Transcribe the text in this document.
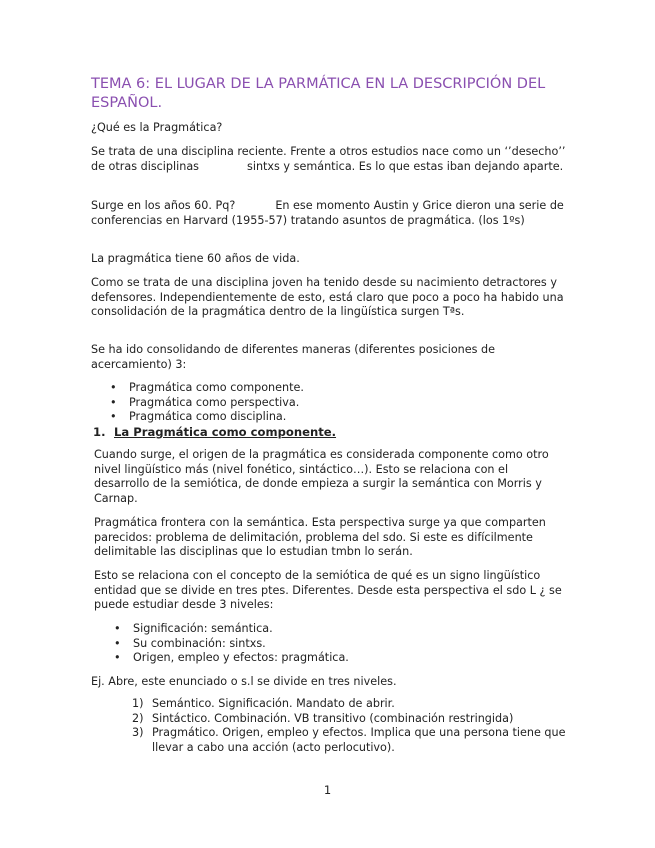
TEMA 6: EL LUGAR DE LA PARMÁTICA EN LA DESCRIPCIÓN DEL ESPAÑOL.

¿Qué es la Pragmática?

Se trata de una disciplina reciente. Frente a otros estudios nace como un ‘’desecho’’ de otras disciplinas	sintxs y semántica. Es lo que estas iban dejando aparte.

Surge en los años 60. Pq?	En ese momento Austin y Grice dieron una serie de conferencias en Harvard (1955-57) tratando asuntos de pragmática. (los 1ºs)

La pragmática tiene 60 años de vida.

Como se trata de una disciplina joven ha tenido desde su nacimiento detractores y defensores. Independientemente de esto, está claro que poco a poco ha habido una consolidación de la pragmática dentro de la lingüística surgen Tªs.

Se ha ido consolidando de diferentes maneras (diferentes posiciones de acercamiento) 3:

• Pragmática como componente.
• Pragmática como perspectiva.
• Pragmática como disciplina.
1. La Pragmática como componente.

Cuando surge, el origen de la pragmática es considerada componente como otro nivel lingüístico más (nivel fonético, sintáctico…). Esto se relaciona con el desarrollo de la semiótica, de donde empieza a surgir la semántica con Morris y Carnap.

Pragmática frontera con la semántica. Esta perspectiva surge ya que comparten parecidos: problema de delimitación, problema del sdo. Si este es difícilmente delimitable las disciplinas que lo estudian tmbn lo serán.

Esto se relaciona con el concepto de la semiótica de qué es un signo lingüístico entidad que se divide en tres ptes. Diferentes. Desde esta perspectiva el sdo L ¿ se puede estudiar desde 3 niveles:

• Significación: semántica.
• Su combinación: sintxs.
• Origen, empleo y efectos: pragmática.

Ej. Abre, este enunciado o s.l se divide en tres niveles.

1) Semántico. Significación. Mandato de abrir.
2) Sintáctico. Combinación. VB transitivo (combinación restringida)
3) Pragmático. Origen, empleo y efectos. Implica que una persona tiene que llevar a cabo una acción (acto perlocutivo).
1
